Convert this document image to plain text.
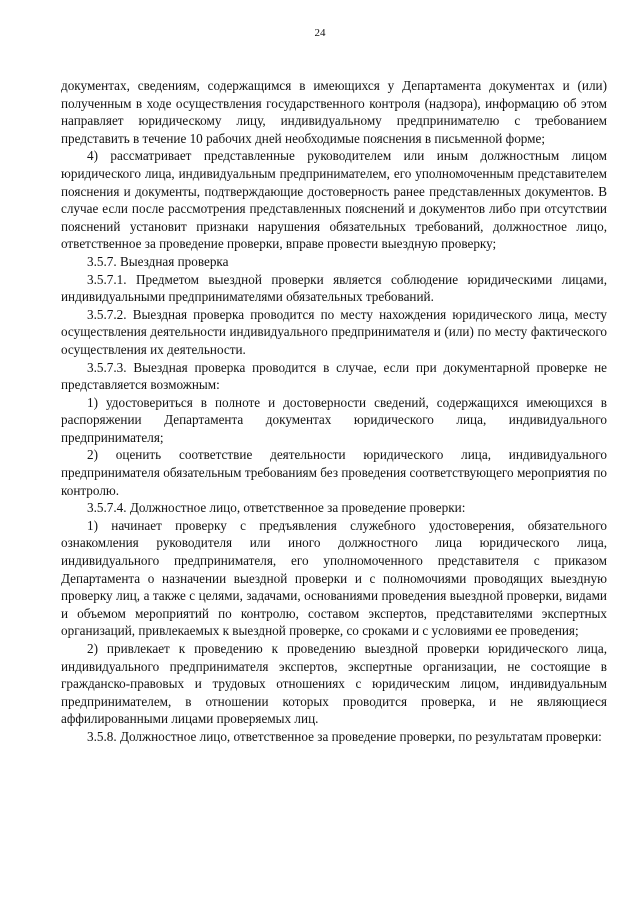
24

документах, сведениям, содержащимся в имеющихся у Департамента документах и (или) полученным в ходе осуществления государственного контроля (надзора), информацию об этом направляет юридическому лицу, индивидуальному предпринимателю с требованием представить в течение 10 рабочих дней необходимые пояснения в письменной форме;

4) рассматривает представленные руководителем или иным должностным лицом юридического лица, индивидуальным предпринимателем, его уполномоченным представителем пояснения и документы, подтверждающие достоверность ранее представленных документов. В случае если после рассмотрения представленных пояснений и документов либо при отсутствии пояснений установит признаки нарушения обязательных требований, должностное лицо, ответственное за проведение проверки, вправе провести выездную проверку;

3.5.7. Выездная проверка

3.5.7.1. Предметом выездной проверки является соблюдение юридическими лицами, индивидуальными предпринимателями обязательных требований.

3.5.7.2. Выездная проверка проводится по месту нахождения юридического лица, месту осуществления деятельности индивидуального предпринимателя и (или) по месту фактического осуществления их деятельности.

3.5.7.3. Выездная проверка проводится в случае, если при документарной проверке не представляется возможным:

1) удостовериться в полноте и достоверности сведений, содержащихся имеющихся в распоряжении Департамента документах юридического лица, индивидуального предпринимателя;

2) оценить соответствие деятельности юридического лица, индивидуального предпринимателя обязательным требованиям без проведения соответствующего мероприятия по контролю.

3.5.7.4. Должностное лицо, ответственное за проведение проверки:

1) начинает проверку с предъявления служебного удостоверения, обязательного ознакомления руководителя или иного должностного лица юридического лица, индивидуального предпринимателя, его уполномоченного представителя с приказом Департамента о назначении выездной проверки и с полномочиями проводящих выездную проверку лиц, а также с целями, задачами, основаниями проведения выездной проверки, видами и объемом мероприятий по контролю, составом экспертов, представителями экспертных организаций, привлекаемых к выездной проверке, со сроками и с условиями ее проведения;

2) привлекает к проведению к проведению выездной проверки юридического лица, индивидуального предпринимателя экспертов, экспертные организации, не состоящие в гражданско-правовых и трудовых отношениях с юридическим лицом, индивидуальным предпринимателем, в отношении которых проводится проверка, и не являющиеся аффилированными лицами проверяемых лиц.

3.5.8. Должностное лицо, ответственное за проведение проверки, по результатам проверки:
